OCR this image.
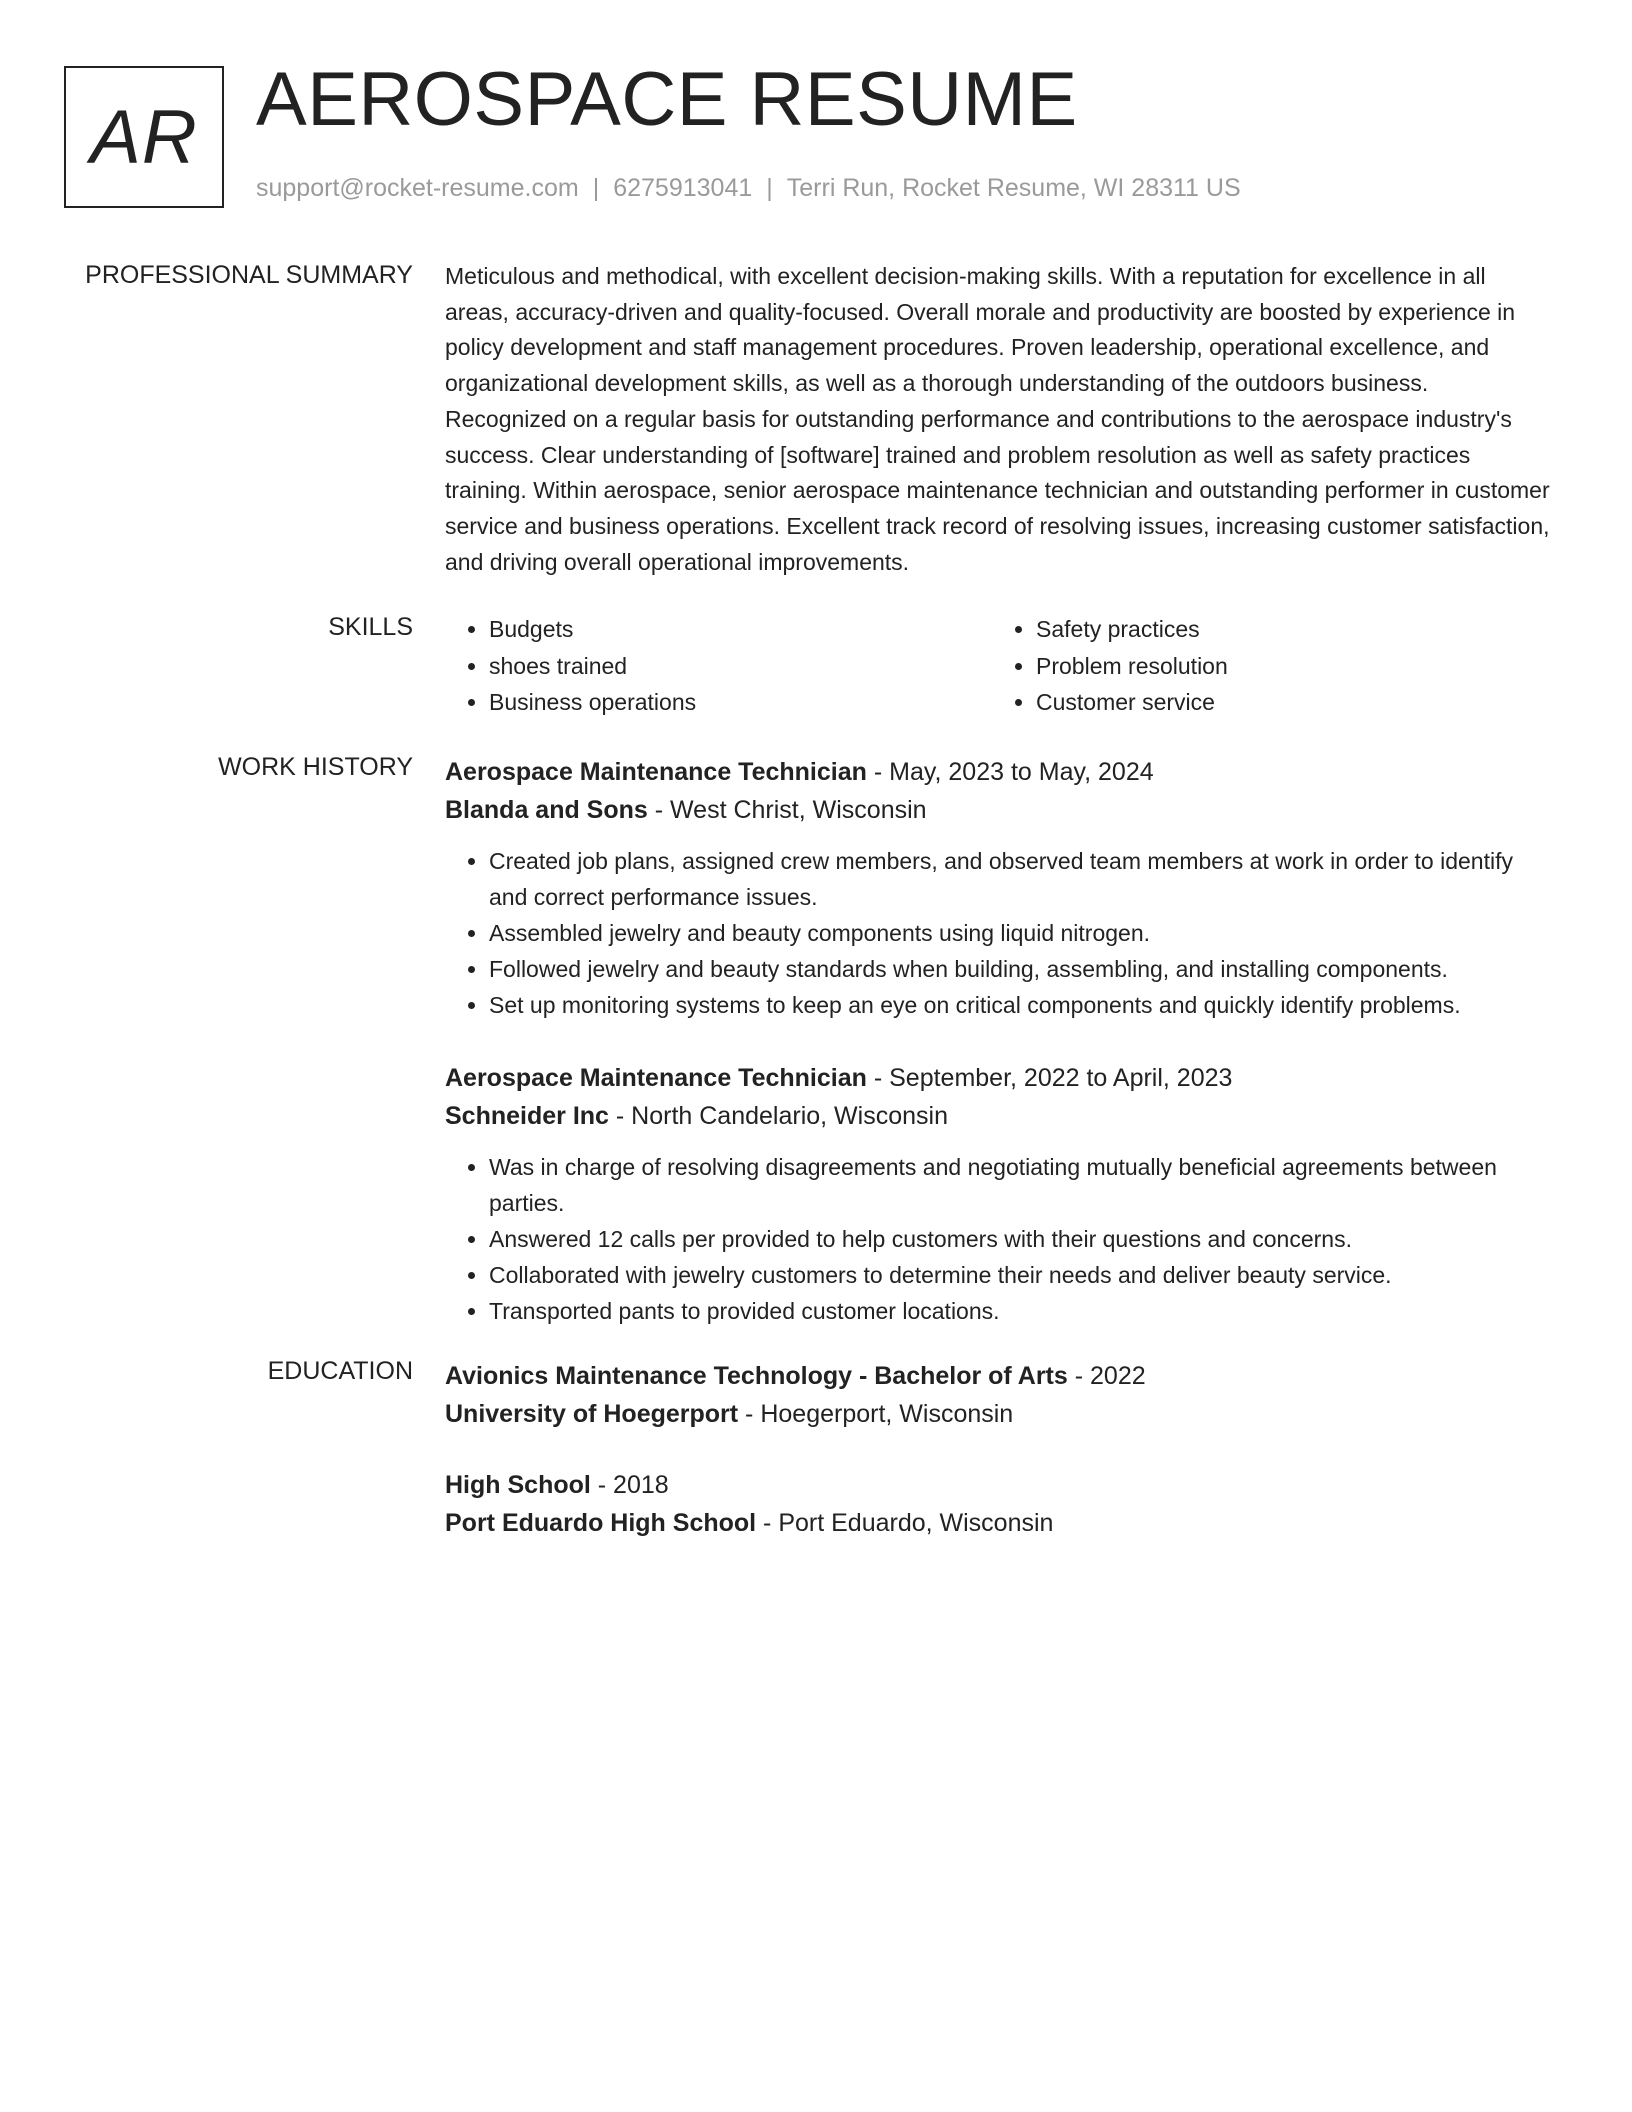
AR AEROSPACE RESUME
support@rocket-resume.com | 6275913041 | Terri Run, Rocket Resume, WI 28311 US
PROFESSIONAL SUMMARY Meticulous and methodical, with excellent decision-making skills. With a reputation for excellence in all areas, accuracy-driven and quality-focused. Overall morale and productivity are boosted by experience in policy development and staff management procedures. Proven leadership, operational excellence, and organizational development skills, as well as a thorough understanding of the outdoors business. Recognized on a regular basis for outstanding performance and contributions to the aerospace industry's success. Clear understanding of [software] trained and problem resolution as well as safety practices training. Within aerospace, senior aerospace maintenance technician and outstanding performer in customer service and business operations. Excellent track record of resolving issues, increasing customer satisfaction, and driving overall operational improvements.

SKILLS
•	Budgets
• shoes trained
• Business operations
• Safety practices
• Problem resolution
• Customer service
WORK HISTORY Aerospace Maintenance Technician - May, 2023 to May, 2024
Blanda and Sons - West Christ, Wisconsin
• Created job plans, assigned crew members, and observed team members at work in order to identify and correct performance issues.
• Assembled jewelry and beauty components using liquid nitrogen.
• Followed jewelry and beauty standards when building, assembling, and installing components.
• Set up monitoring systems to keep an eye on critical components and quickly identify problems.
Aerospace Maintenance Technician - September, 2022 to April, 2023
Schneider Inc - North Candelario, Wisconsin
• Was in charge of resolving disagreements and negotiating mutually beneficial agreements between parties.
• Answered 12 calls per provided to help customers with their questions and concerns.
• Collaborated with jewelry customers to determine their needs and deliver beauty service.
• Transported pants to provided customer locations.
EDUCATION Avionics Maintenance Technology - Bachelor of Arts - 2022
University of Hoegerport - Hoegerport, Wisconsin
High School - 2018
Port Eduardo High School - Port Eduardo, Wisconsin
